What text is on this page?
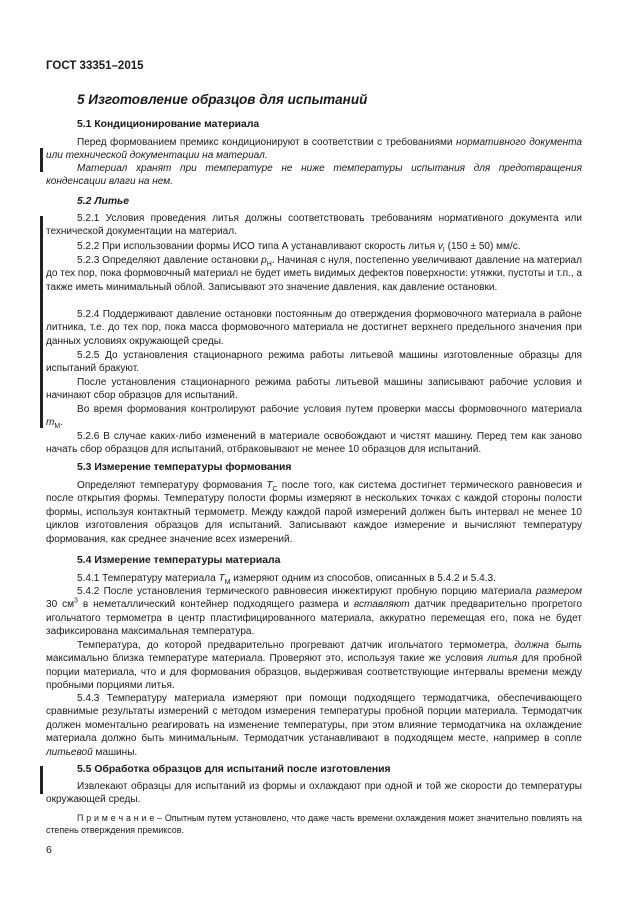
ГОСТ 33351–2015
5 Изготовление образцов для испытаний
5.1 Кондиционирование материала

Перед формованием премикс кондиционируют в соответствии с требованиями нормативного документа или технической документации на материал.

Материал хранят при температуре не ниже температуры испытания для предотвращения конденсации влаги на нем.

5.2 Литье

5.2.1 Условия проведения литья должны соответствовать требованиям нормативного документа или технической документации на материал.

5.2.2 При использовании формы ИСО типа А устанавливают скорость литья $v_I$ (150 ± 50) мм/с.

5.2.3 Определяют давление остановки $p_H$. Начиная с нуля, постепенно увеличивают давление на материал до тех пор, пока формовочный материал не будет иметь видимых дефектов поверхности: утяжки, пустоты и т.п., а также иметь минимальный облой. Записывают это значение давления, как давление остановки.

5.2.4 Поддерживают давление остановки постоянным до отверждения формовочного материала в районе литника, т.е. до тех пор, пока масса формовочного материала не достигнет верхнего предельного значения при данных условиях окружающей среды.

5.2.5 До установления стационарного режима работы литьевой машины изготовленные образцы для испытаний бракуют.

После установления стационарного режима работы литьевой машины записывают рабочие условия и начинают сбор образцов для испытаний.

Во время формования контролируют рабочие условия путем проверки массы формовочного материала $m_M$.

5.2.6 В случае каких-либо изменений в материале освобождают и чистят машину. Перед тем как заново начать сбор образцов для испытаний, отбраковывают не менее 10 образцов для испытаний.

5.3 Измерение температуры формования

Определяют температуру формования $T_C$ после того, как система достигнет термического равновесия и после открытия формы. Температуру полости формы измеряют в нескольких точках с каждой стороны полости формы, используя контактный термометр. Между каждой парой измерений должен быть интервал не менее 10 циклов изготовления образцов для испытаний. Записывают каждое измерение и вычисляют температуру формования, как среднее значение всех измерений.

5.4 Измерение температуры материала

5.4.1 Температуру материала $T_M$ измеряют одним из способов, описанных в 5.4.2 и 5.4.3.

5.4.2 После установления термического равновесия инжектируют пробную порцию материала размером 30 $см^3$ в неметаллический контейнер подходящего размера и вставляют датчик предварительно прогретого игольчатого термометра в центр пластифицированного материала, аккуратно перемещая его, пока не будет зафиксирована максимальная температура.

Температура, до которой предварительно прогревают датчик игольчатого термометра, должна быть максимально близка температуре материала. Проверяют это, используя такие же условия литья для пробной порции материала, что и для формования образцов, выдерживая соответствующие интервалы времени между пробными порциями литья.

5.4.3 Температуру материала измеряют при помощи подходящего термодатчика, обеспечивающего сравнимые результаты измерений с методом измерения температуры пробной порции материала. Термодатчик должен моментально реагировать на изменение температуры, при этом влияние термодатчика на охлаждение материала должно быть минимальным. Термодатчик устанавливают в подходящем месте, например в сопле литьевой машины.

5.5 Обработка образцов для испытаний после изготовления

Извлекают образцы для испытаний из формы и охлаждают при одной и той же скорости до температуры окружающей среды.

П р и м е ч а н и е – Опытным путем установлено, что даже часть времени охлаждения может значительно повлиять на степень отверждения премиксов.

6
